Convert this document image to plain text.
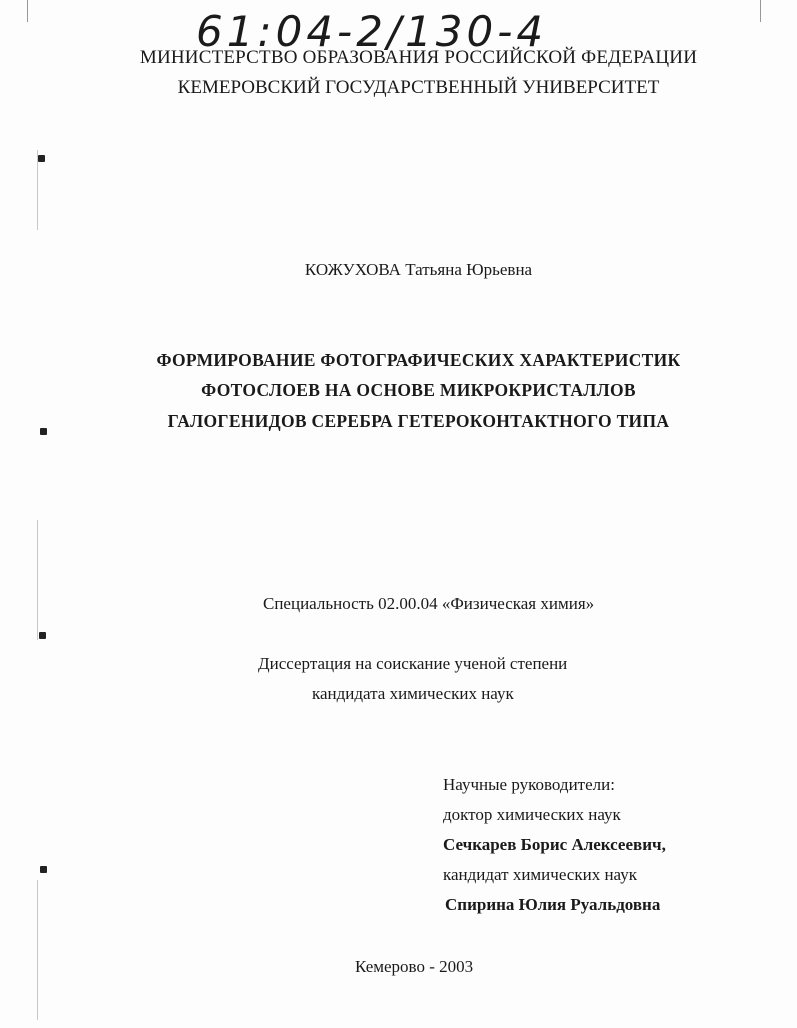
61:04-2/130-4
МИНИСТЕРСТВО ОБРАЗОВАНИЯ РОССИЙСКОЙ ФЕДЕРАЦИИ
КЕМЕРОВСКИЙ ГОСУДАРСТВЕННЫЙ УНИВЕРСИТЕТ
КОЖУХОВА Татьяна Юрьевна
ФОРМИРОВАНИЕ ФОТОГРАФИЧЕСКИХ ХАРАКТЕРИСТИК
ФОТОСЛОЕВ НА ОСНОВЕ МИКРОКРИСТАЛЛОВ
ГАЛОГЕНИДОВ СЕРЕБРА ГЕТЕРОКОНТАКТНОГО ТИПА
Специальность 02.00.04 «Физическая химия»
Диссертация на соискание ученой степени
кандидата химических наук
Научные руководители:
доктор химических наук
Сечкарев Борис Алексеевич,
кандидат химических наук
Спирина Юлия Руальдовна
Кемерово - 2003
